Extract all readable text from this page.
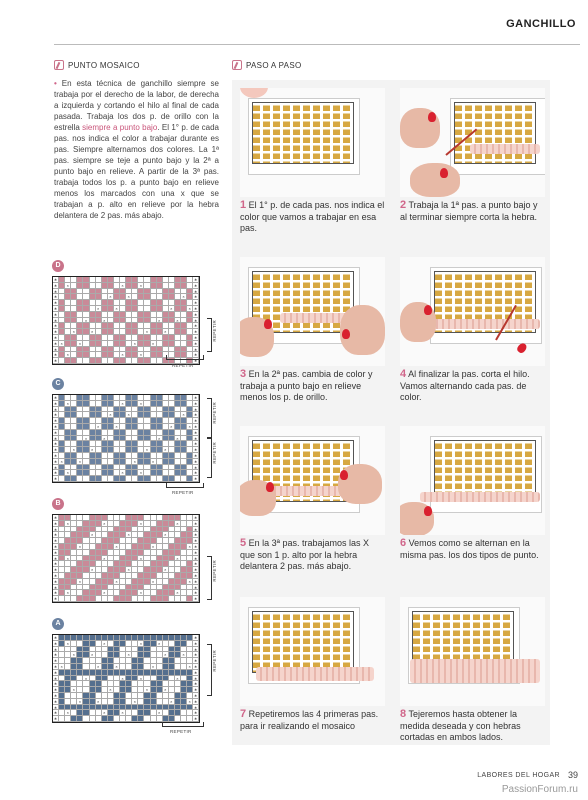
GANCHILLO
PUNTO MOSAICO	PASO A PASO
• En esta técnica de ganchillo siempre se trabaja por el derecho de la labor, de derecha a izquierda y cortando el hilo al final de cada pasada. Trabaja los dos p. de orillo con la estrella siempre a punto bajo. El 1° p. de cada pas. nos indica el color a trabajar durante es pas. Siempre alternamos dos colores. La 1ª pas. siempre se teje a punto bajo y la 2ª a punto bajo en relieve. A partir de la 3ª pas. trabaja todos los p. a punto bajo en relieve menos los marcados con una x que se trabajan a p. alto en relieve por la hebra delantera de 2 pas. más abajo.
D
∗	∗
∗	×	×	×	∗
∗	∗
∗	×	×	×	∗
∗	∗
∗	×	×	×	× ∗
∗	∗
∗	×	×	×	×	∗
∗	∗
∗	×	×	×	×	∗
∗	∗
∗ ×	×	×	×	∗
∗	∗
∗	×	×	×	∗
∗	∗
REPETIR
REPETIR
C
∗	∗
∗	×	×	×	∗
∗	∗
∗	×	×	×	∗
∗	∗
∗	×	×	×	× ∗
∗	∗
∗	×	×	×	×	∗
∗	∗
∗	×	×	×	×	∗
∗	∗
∗ ×	×	×	×	∗
∗	∗
∗	×	×	×	∗
∗	∗
REPETIR
REPETIR
REPETIR
B
∗	∗
∗	×	×	×	×	∗
∗	∗
∗	×	×	×	∗
∗	∗
∗	×	×	×	× ∗
∗	∗
∗	×	×	×	×	∗
∗	∗
∗	×	×	×	∗
∗	∗
∗	×	×	×	× ∗
∗	∗
∗	×	×	×	×	∗
∗	∗
REPETIR
A
∗	∗
∗	×	×	×	×	∗
∗	∗
∗	×	×	×	×	×	∗
∗	∗
∗ ×	×	×	×	× ∗
∗	∗
∗	×	×	×	×	∗
∗	∗
∗	×	×	×	×	∗
∗	∗
∗	×	×	×	×	× ∗
∗	∗
∗	×	×	×	×	∗
∗	∗
REPETIR
REPETIR
1 El 1° p. de cada pas. nos indica el color que vamos a trabajar en esa pas.
2 Trabaja la 1ª pas. a punto bajo y al terminar siempre corta la hebra.
3 En la 2ª pas. cambia de color y trabaja a punto bajo en relieve menos los p. de orillo.
4 Al finalizar la pas. corta el hilo. Vamos alternando cada pas. de color.
5 En la 3ª pas. trabajamos las X que son 1 p. alto por la hebra delantera 2 pas. más abajo.
6 Vemos como se alternan en la misma pas. los dos tipos de punto.
7 Repetiremos las 4 primeras pas. para ir realizando el mosaico
8 Tejeremos hasta obtener la medida deseada y con hebras cortadas en ambos lados.
LABORES DEL HOGAR 39
PassionForum.ru
